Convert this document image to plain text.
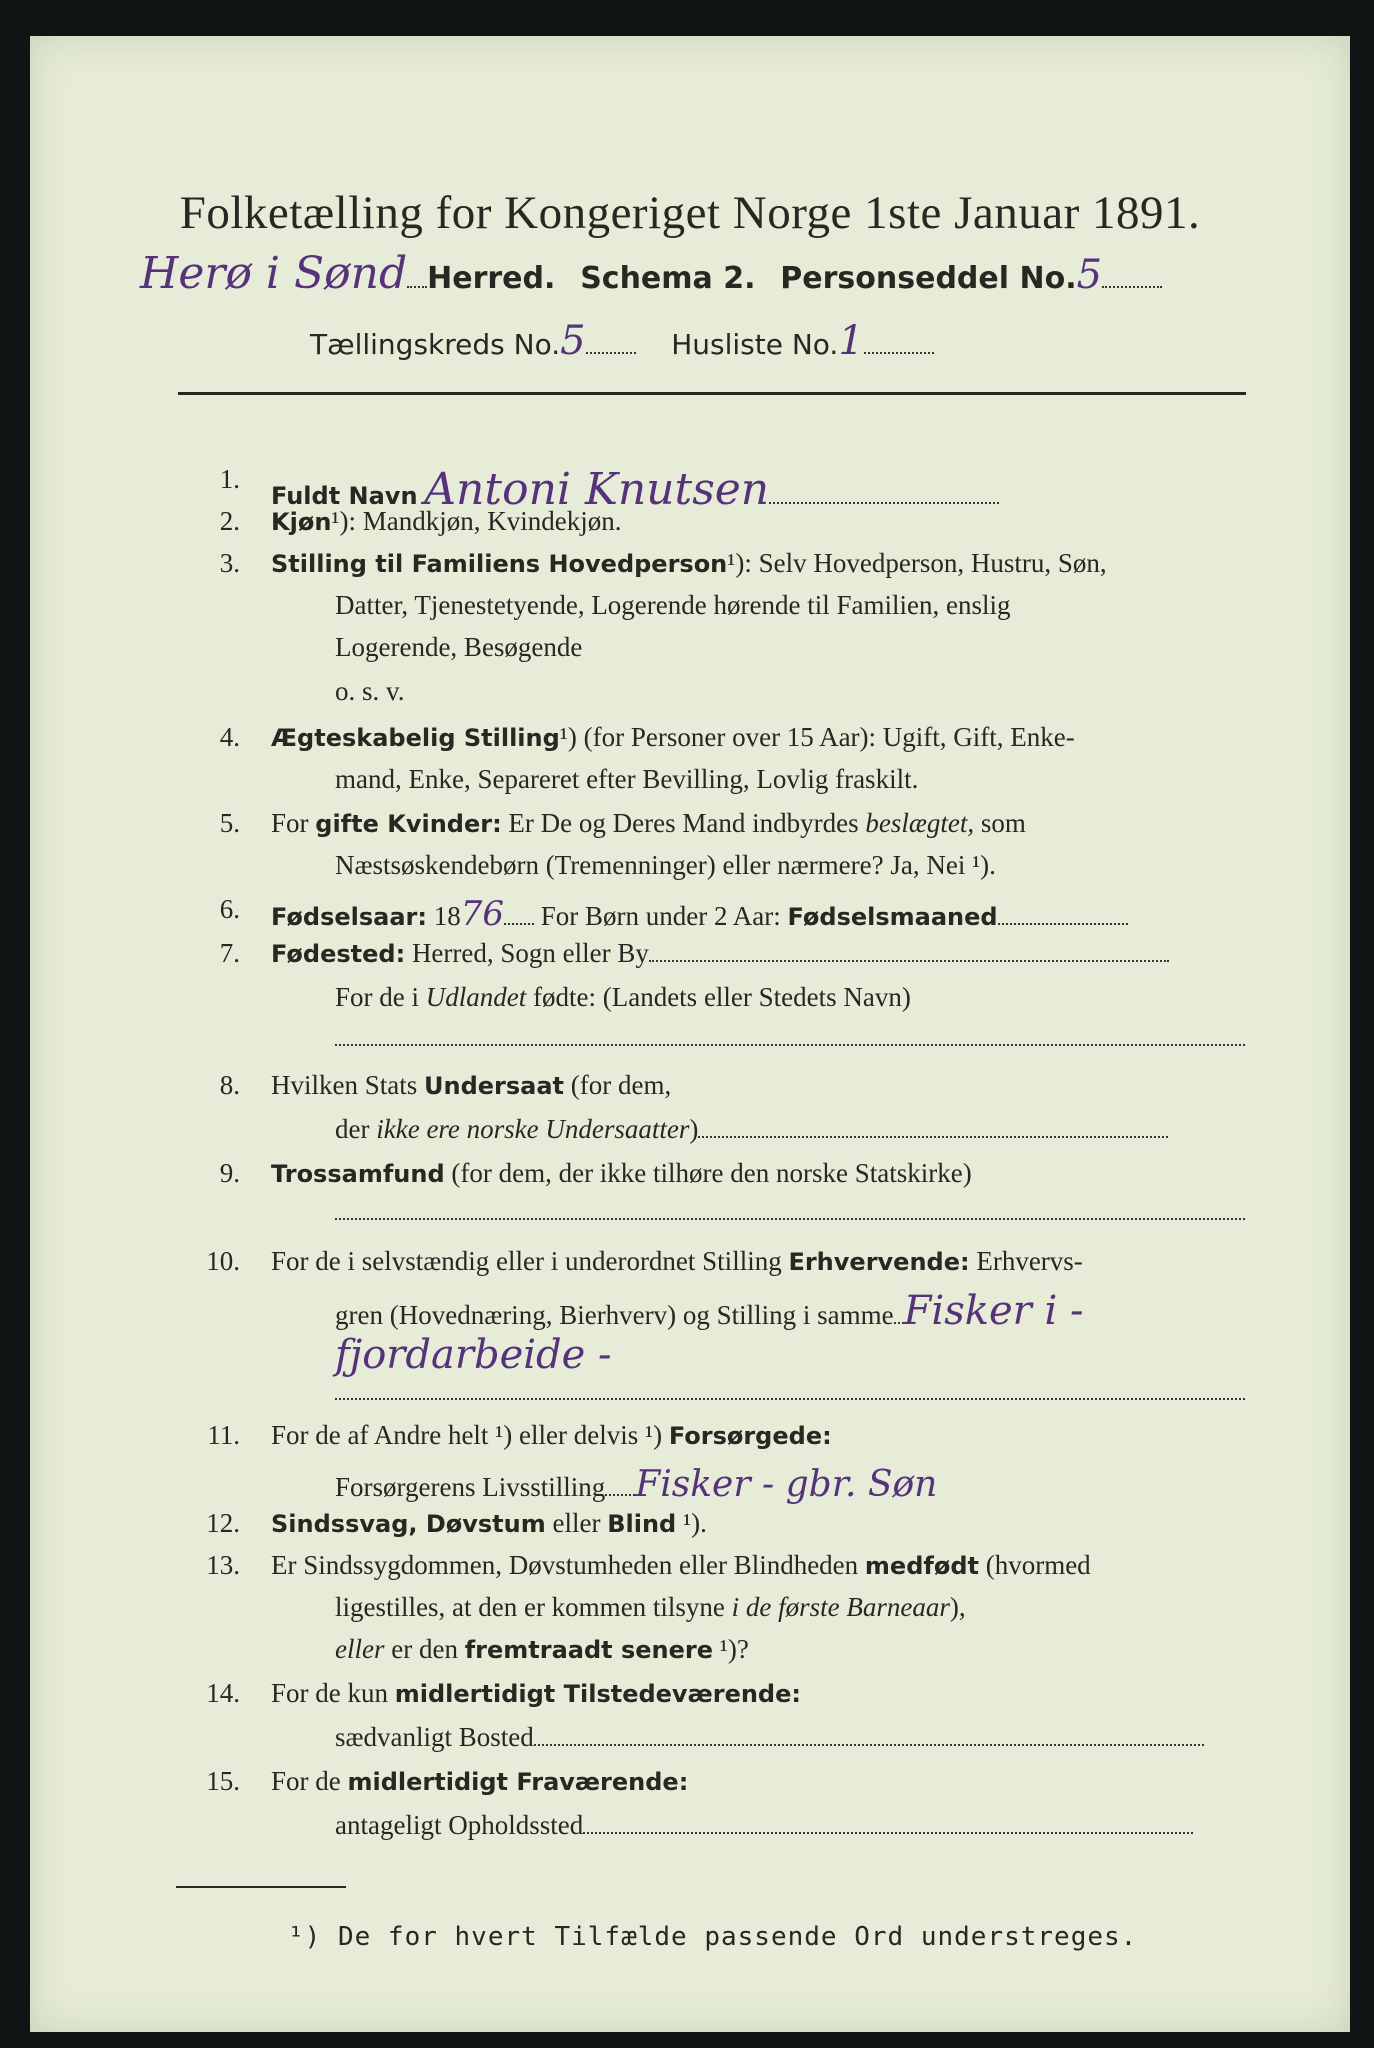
Folketælling for Kongeriget Norge 1ste Januar 1891.
Herø i Sønd Herred. Schema 2. Personseddel No.5
Tællingskreds No.5	Husliste No.1
1.
Fuldt Navn Antoni Knutsen
2. Kjøn¹): Mandkjøn, Kvindekjøn.
3. Stilling til Familiens Hovedperson¹): Selv Hovedperson, Hustru, Søn,
Datter, Tjenestetyende, Logerende hørende til Familien, enslig
Logerende, Besøgende
o. s. v.
4. Ægteskabelig Stilling¹) (for Personer over 15 Aar): Ugift, Gift, Enke-
mand, Enke, Separeret efter Bevilling, Lovlig fraskilt.
5. For gifte Kvinder: Er De og Deres Mand indbyrdes beslægtet, som
Næstsøskendebørn (Tremenninger) eller nærmere? Ja, Nei ¹).
6. Fødselsaar: 1876 For Børn under 2 Aar: Fødselsmaaned
7. Fødested: Herred, Sogn eller By
For de i Udlandet fødte: (Landets eller Stedets Navn)
8. Hvilken Stats Undersaat (for dem,
der ikke ere norske Undersaatter)
9. Trossamfund (for dem, der ikke tilhøre den norske Statskirke)
10. For de i selvstændig eller i underordnet Stilling Erhvervende: Erhvervs-
gren (Hovednæring, Bierhverv) og Stilling i samme Fisker i -
fjordarbeide -
11. For de af Andre helt ¹) eller delvis ¹) Forsørgede:
Forsørgerens Livsstilling Fisker - gbr. Søn
12. Sindssvag, Døvstum eller Blind ¹).
13. Er Sindssygdommen, Døvstumheden eller Blindheden medfødt (hvormed
ligestilles, at den er kommen tilsyne i de første Barneaar),
eller er den fremtraadt senere ¹)?
14. For de kun midlertidigt Tilstedeværende:
sædvanligt Bosted
15. For de midlertidigt Fraværende:
antageligt Opholdssted
¹) De for hvert Tilfælde passende Ord understreges.
